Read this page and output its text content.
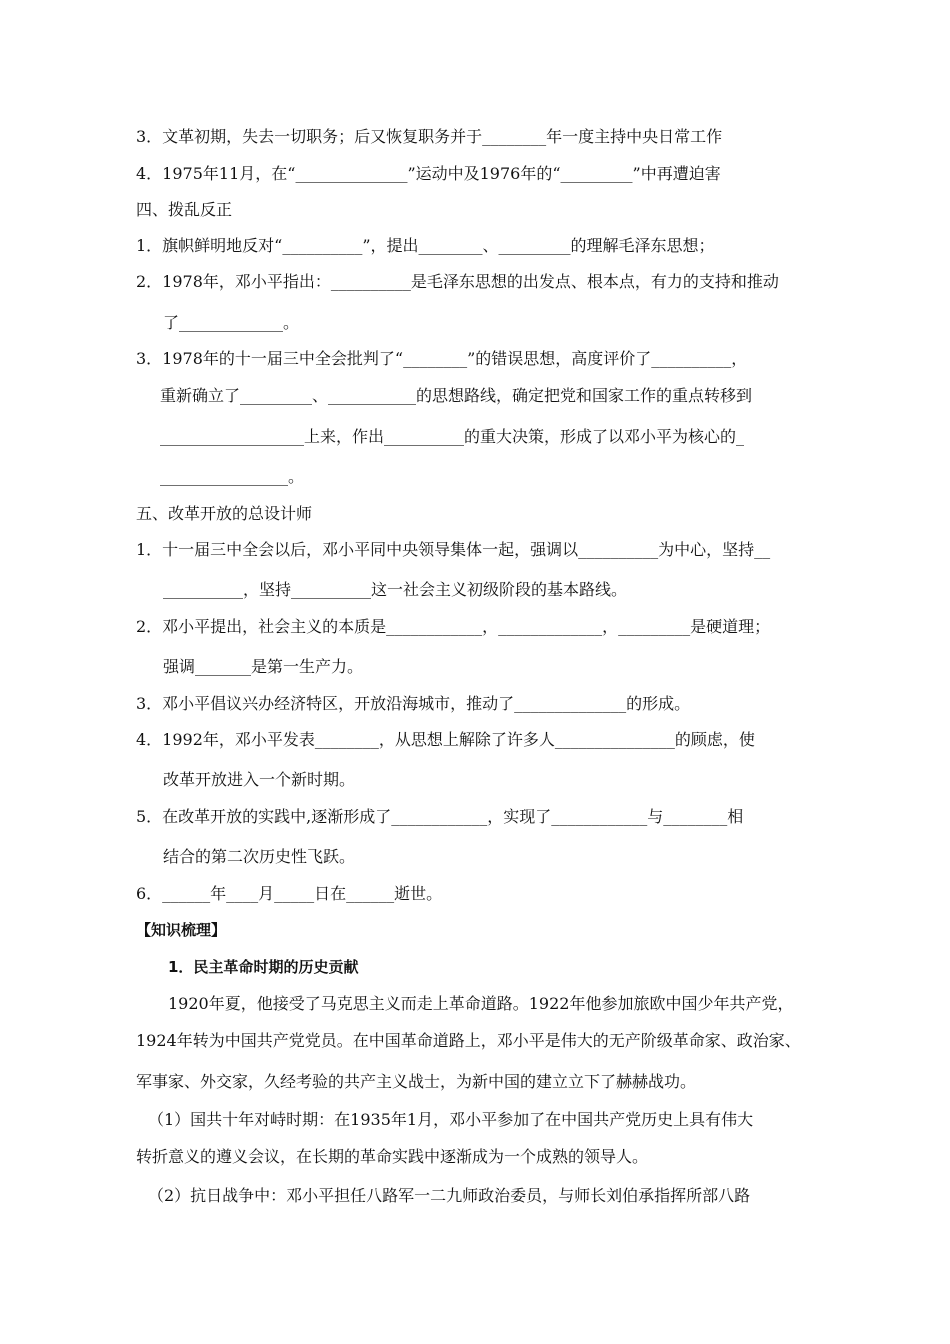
3．文革初期，失去一切职务；后又恢复职务并于________年一度主持中央日常工作
4．1975年11月，在“______________”运动中及1976年的“_________”中再遭迫害
四、拨乱反正
1．旗帜鲜明地反对“__________”，提出________、_________的理解毛泽东思想；
2．1978年，邓小平指出：__________是毛泽东思想的出发点、根本点，有力的支持和推动
了_____________。
3．1978年的十一届三中全会批判了“________”的错误思想，高度评价了__________，
重新确立了_________、___________的思想路线，确定把党和国家工作的重点转移到
__________________上来，作出__________的重大决策，形成了以邓小平为核心的_
________________。
五、改革开放的总设计师
1．十一届三中全会以后，邓小平同中央领导集体一起，强调以__________为中心，坚持__
__________，坚持__________这一社会主义初级阶段的基本路线。
2．邓小平提出，社会主义的本质是____________，_____________，_________是硬道理；
强调_______是第一生产力。
3．邓小平倡议兴办经济特区，开放沿海城市，推动了______________的形成。
4．1992年，邓小平发表________，从思想上解除了许多人_______________的顾虑，使
改革开放进入一个新时期。
5．在改革开放的实践中,逐渐形成了____________，实现了____________与________相
结合的第二次历史性飞跃。
6．______年____月_____日在______逝世。
【知识梳理】
1．民主革命时期的历史贡献
1920年夏，他接受了马克思主义而走上革命道路。1922年他参加旅欧中国少年共产党，
1924年转为中国共产党党员。在中国革命道路上，邓小平是伟大的无产阶级革命家、政治家、
军事家、外交家，久经考验的共产主义战士，为新中国的建立立下了赫赫战功。
（1）国共十年对峙时期：在1935年1月，邓小平参加了在中国共产党历史上具有伟大
转折意义的遵义会议，在长期的革命实践中逐渐成为一个成熟的领导人。
（2）抗日战争中：邓小平担任八路军一二九师政治委员，与师长刘伯承指挥所部八路
